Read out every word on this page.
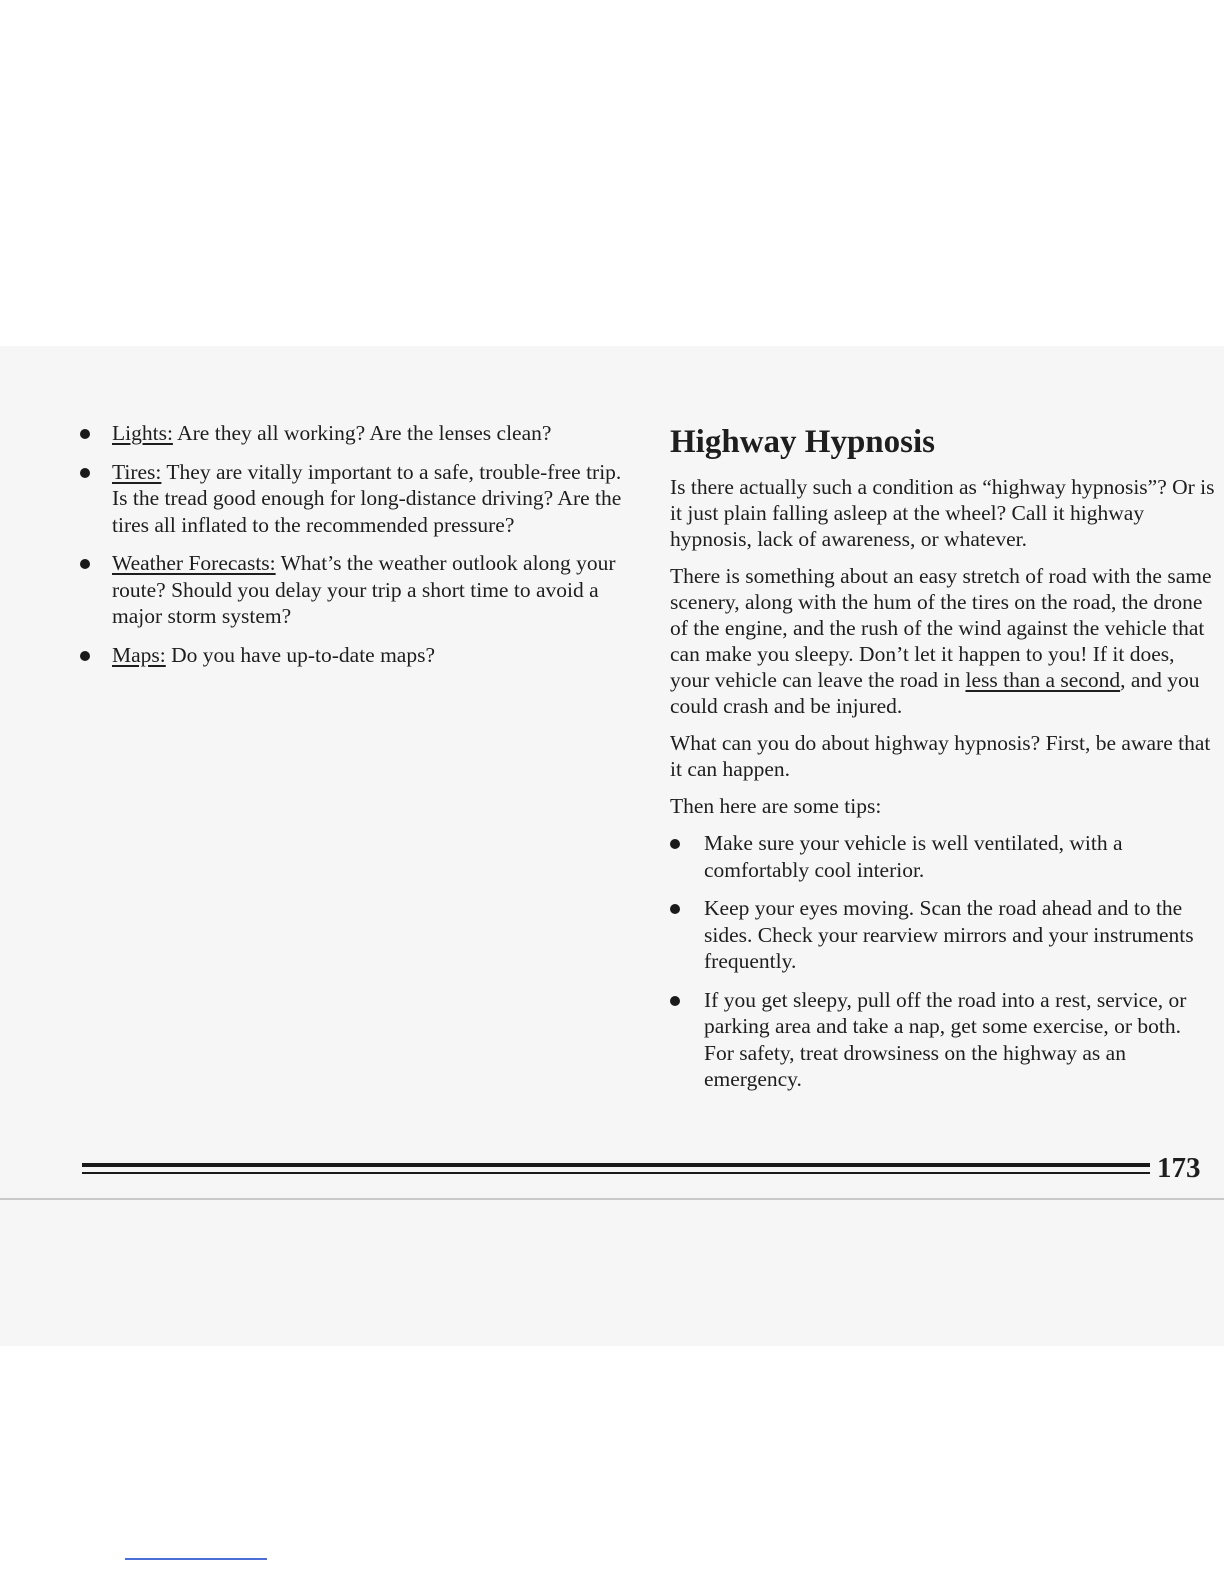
Lights: Are they all working? Are the lenses clean?
Tires: They are vitally important to a safe, trouble-free trip. Is the tread good enough for long-distance driving? Are the tires all inflated to the recommended pressure?
Weather Forecasts: What’s the weather outlook along your route? Should you delay your trip a short time to avoid a major storm system?
Maps: Do you have up-to-date maps?
Highway Hypnosis

Is there actually such a condition as “highway hypnosis”? Or is it just plain falling asleep at the wheel? Call it highway hypnosis, lack of awareness, or whatever.

There is something about an easy stretch of road with the same scenery, along with the hum of the tires on the road, the drone of the engine, and the rush of the wind against the vehicle that can make you sleepy. Don’t let it happen to you! If it does, your vehicle can leave the road in less than a second, and you could crash and be injured.

What can you do about highway hypnosis? First, be aware that it can happen.

Then here are some tips:

Make sure your vehicle is well ventilated, with a comfortably cool interior.
Keep your eyes moving. Scan the road ahead and to the sides. Check your rearview mirrors and your instruments frequently.
If you get sleepy, pull off the road into a rest, service, or parking area and take a nap, get some exercise, or both. For safety, treat drowsiness on the highway as an emergency.
173
